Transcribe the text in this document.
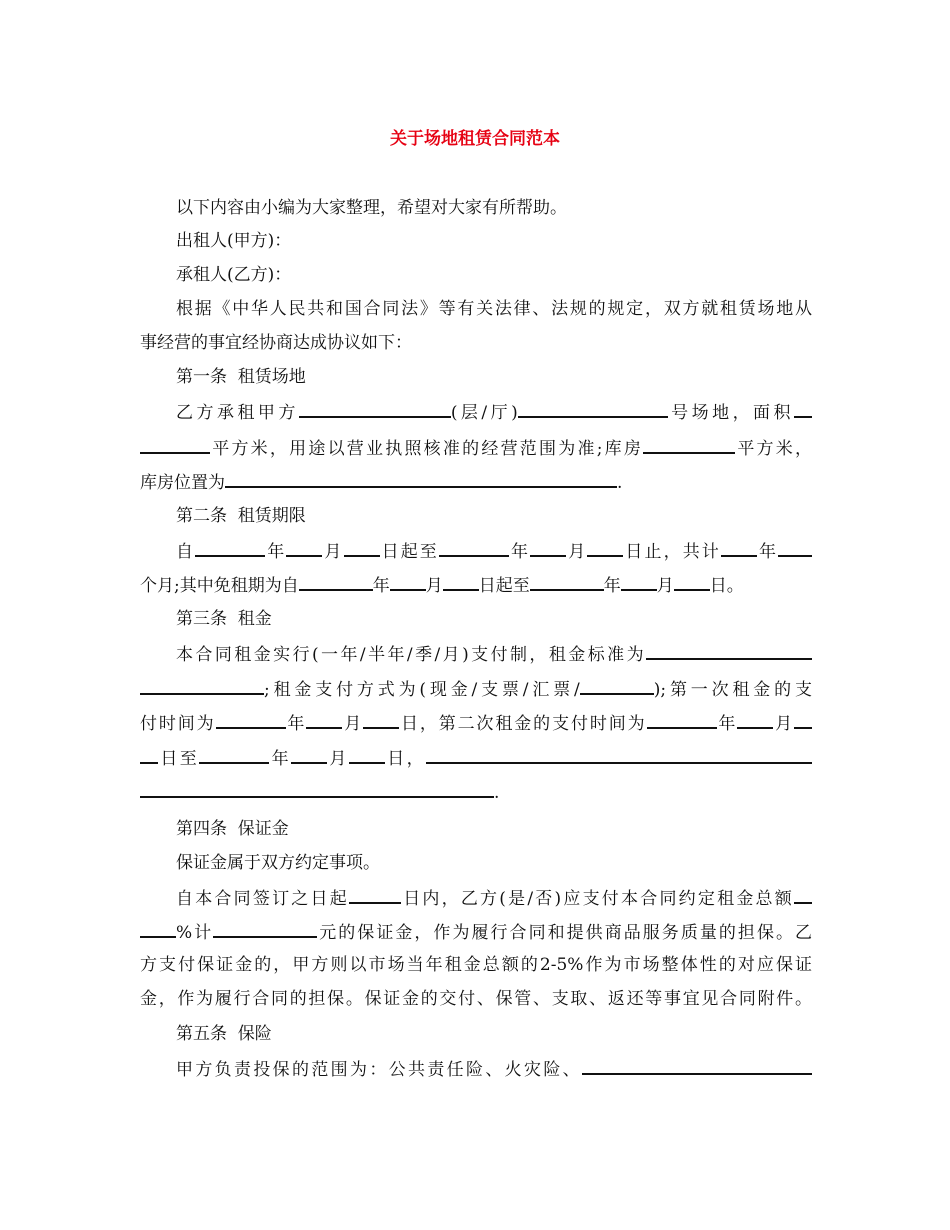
关于场地租赁合同范本
以下内容由小编为大家整理，希望对大家有所帮助。
出租人(甲方)：
承租人(乙方)：
根据《中华人民共和国合同法》等有关法律、法规的规定，双方就租赁场地从
事经营的事宜经协商达成协议如下：
第一条  租赁场地
乙方承租甲方	(层/厅)	号场地，面积
平方米，用途以营业执照核准的经营范围为准;库房	平方米，
库房位置为	.
第二条  租赁期限
自	年 月 日起至	年 月 日止，共计 年
个月;其中免租期为自	年 月 日起至	年 月 日。
第三条  租金
本合同租金实行(一年/半年/季/月)支付制，租金标准为
;租金支付方式为(现金/支票/汇票/	);第一次租金的支
付时间为	年 月 日，第二次租金的支付时间为	年 月
日至	年 月 日，
.
第四条  保证金
保证金属于双方约定事项。
自本合同签订之日起	日内，乙方(是/否)应支付本合同约定租金总额
%计	元的保证金，作为履行合同和提供商品服务质量的担保。乙
方支付保证金的，甲方则以市场当年租金总额的2-5%作为市场整体性的对应保证
金，作为履行合同的担保。保证金的交付、保管、支取、返还等事宜见合同附件。
第五条  保险
甲方负责投保的范围为：公共责任险、火灾险、
